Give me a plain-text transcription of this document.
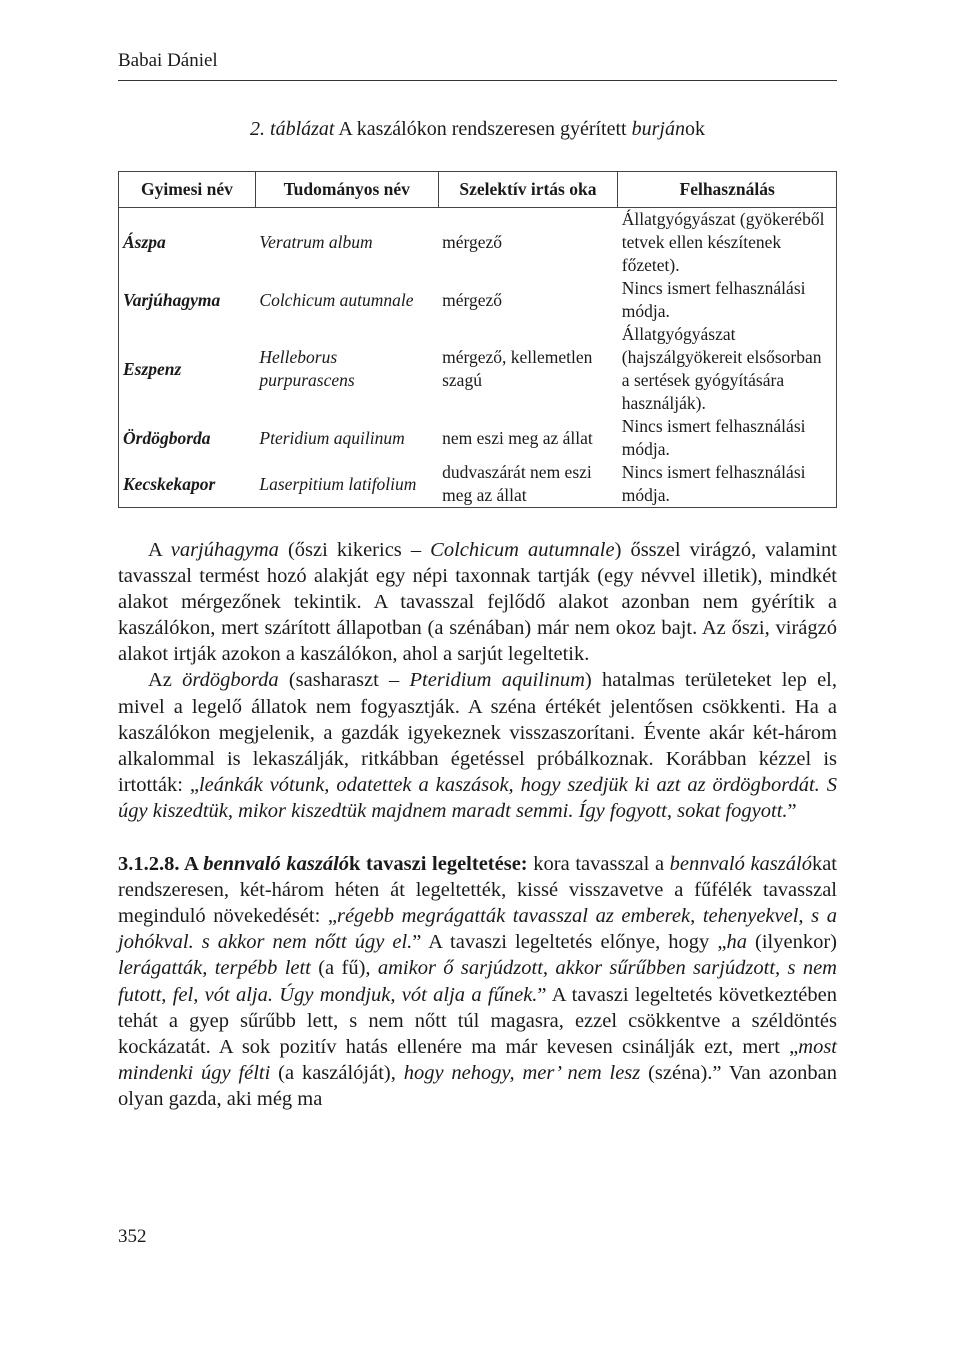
Babai Dániel
2. táblázat A kaszálókon rendszeresen gyérített burjánok
Gyimesi név	Tudományos név	Szelektív irtás oka	Felhasználás
Ászpa	Veratrum album	mérgező	Állatgyógyászat (gyökeréből tetvek ellen készítenek főzetet).
Varjúhagyma	Colchicum autumnale	mérgező	Nincs ismert felhasználási módja.
Eszpenz	Helleborus purpurascens	mérgező, kellemetlen szagú	Állatgyógyászat (hajszálgyökereit elsősorban a sertések gyógyítására használják).
Ördögborda	Pteridium aquilinum	nem eszi meg az állat	Nincs ismert felhasználási módja.
Kecskekapor	Laserpitium latifolium	dudvaszárát nem eszi meg az állat	Nincs ismert felhasználási módja.

A varjúhagyma (őszi kikerics – Colchicum autumnale) ősszel virágzó, valamint tavasszal termést hozó alakját egy népi taxonnak tartják (egy névvel illetik), mindkét alakot mérgezőnek tekintik. A tavasszal fejlődő alakot azonban nem gyérítik a kaszálókon, mert szárított állapotban (a szénában) már nem okoz bajt. Az őszi, virágzó alakot irtják azokon a kaszálókon, ahol a sarjút legeltetik.

Az ördögborda (sasharaszt – Pteridium aquilinum) hatalmas területeket lep el, mivel a legelő állatok nem fogyasztják. A széna értékét jelentősen csökkenti. Ha a kaszálókon megjelenik, a gazdák igyekeznek visszaszorítani. Évente akár két-három alkalommal is lekaszálják, ritkábban égetéssel próbálkoznak. Korábban kézzel is irtották: „leánkák vótunk, odatettek a kaszások, hogy szedjük ki azt az ördögbordát. S úgy kiszedtük, mikor kiszedtük majdnem maradt semmi. Így fogyott, sokat fogyott.”

3.1.2.8. A bennvaló kaszálók tavaszi legeltetése: kora tavasszal a bennvaló kaszálókat rendszeresen, két-három héten át legeltették, kissé visszavetve a fűfélék tavasszal meginduló növekedését: „régebb megrágatták tavasszal az emberek, tehenyekvel, s a johókval. s akkor nem nőtt úgy el.” A tavaszi legeltetés előnye, hogy „ha (ilyenkor) lerágatták, terpébb lett (a fű), amikor ő sarjúdzott, akkor sűrűbben sarjúdzott, s nem futott, fel, vót alja. Úgy mondjuk, vót alja a fűnek.” A tavaszi legeltetés következtében tehát a gyep sűrűbb lett, s nem nőtt túl magasra, ezzel csökkentve a széldöntés kockázatát. A sok pozitív hatás ellenére ma már kevesen csinálják ezt, mert „most mindenki úgy félti (a kaszálóját), hogy nehogy, mer’ nem lesz (széna).” Van azonban olyan gazda, aki még ma

352
